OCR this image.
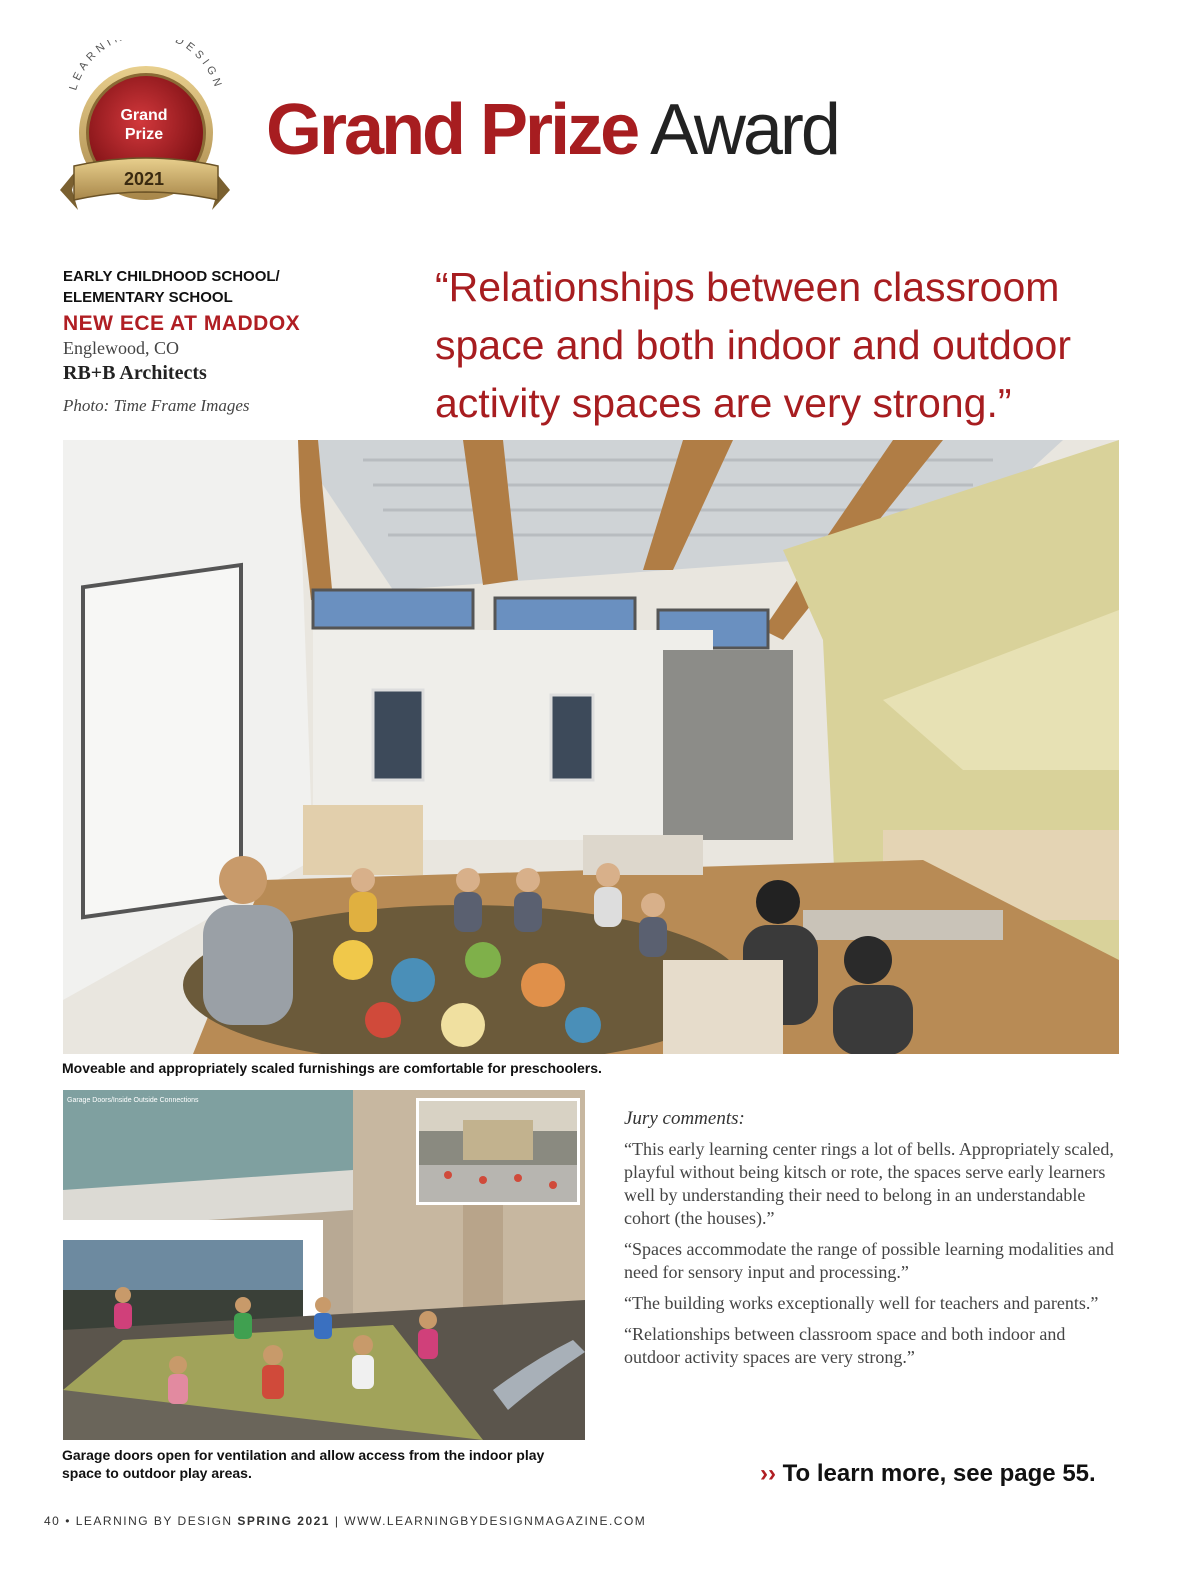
LEARNI DESIGN
Grand
Prize
2021
Grand Prize Award
EARLY CHILDHOOD SCHOOL/
ELEMENTARY SCHOOL
NEW ECE AT MADDOX
Englewood, CO
RB+B Architects
Photo: Time Frame Images
“Relationships between classroom space and both indoor and outdoor activity spaces are very strong.”
Moveable and appropriately scaled furnishings are comfortable for preschoolers.
Garage Doors/Inside Outside Connections
Garage doors open for ventilation and allow access from the indoor play space to outdoor play areas.
Jury comments:

“This early learning center rings a lot of bells. Appropriately scaled, playful without being kitsch or rote, the spaces serve early learners well by understanding their need to belong in an understandable cohort (the houses).”

“Spaces accommodate the range of possible learning modalities and need for sensory input and processing.”

“The building works exceptionally well for teachers and parents.”

“Relationships between classroom space and both indoor and outdoor activity spaces are very strong.”

›› To learn more, see page 55.
40 • LEARNING BY DESIGN SPRING 2021 | WWW.LEARNINGBYDESIGNMAGAZINE.COM
